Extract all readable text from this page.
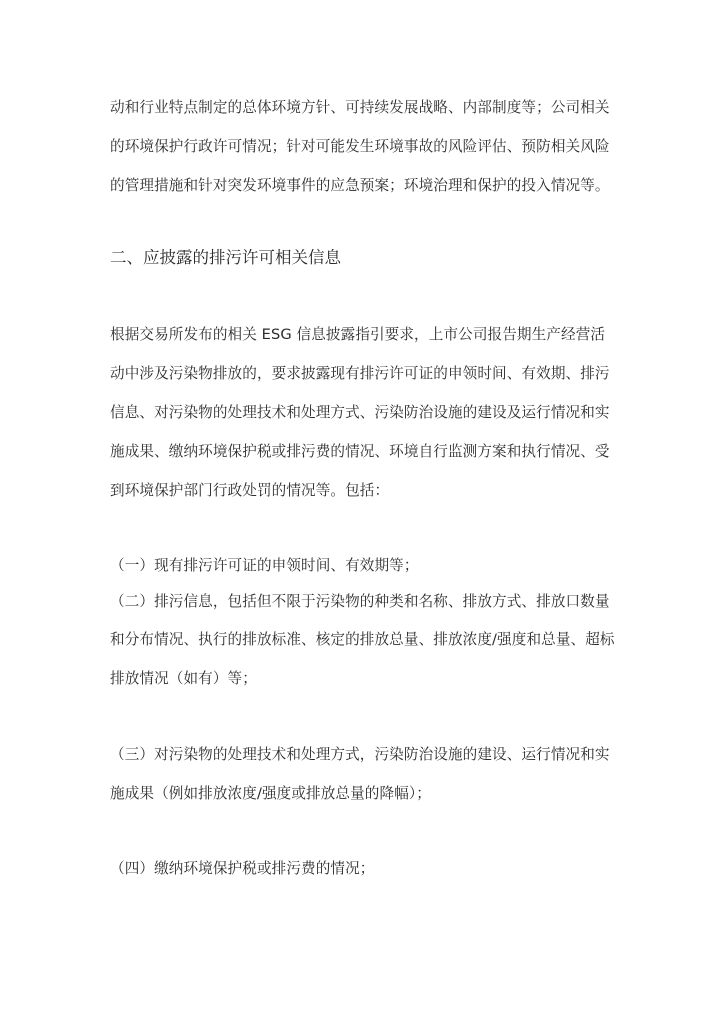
动和行业特点制定的总体环境方针、可持续发展战略、内部制度等；公司相关
的环境保护行政许可情况；针对可能发生环境事故的风险评估、预防相关风险
的管理措施和针对突发环境事件的应急预案；环境治理和保护的投入情况等。
二、应披露的排污许可相关信息
根据交易所发布的相关 ESG 信息披露指引要求，上市公司报告期生产经营活
动中涉及污染物排放的，要求披露现有排污许可证的申领时间、有效期、排污
信息、对污染物的处理技术和处理方式、污染防治设施的建设及运行情况和实
施成果、缴纳环境保护税或排污费的情况、环境自行监测方案和执行情况、受
到环境保护部门行政处罚的情况等。包括：
（一）现有排污许可证的申领时间、有效期等；
（二）排污信息，包括但不限于污染物的种类和名称、排放方式、排放口数量
和分布情况、执行的排放标准、核定的排放总量、排放浓度/强度和总量、超标
排放情况（如有）等；
（三）对污染物的处理技术和处理方式，污染防治设施的建设、运行情况和实
施成果（例如排放浓度/强度或排放总量的降幅）；
（四）缴纳环境保护税或排污费的情况；
